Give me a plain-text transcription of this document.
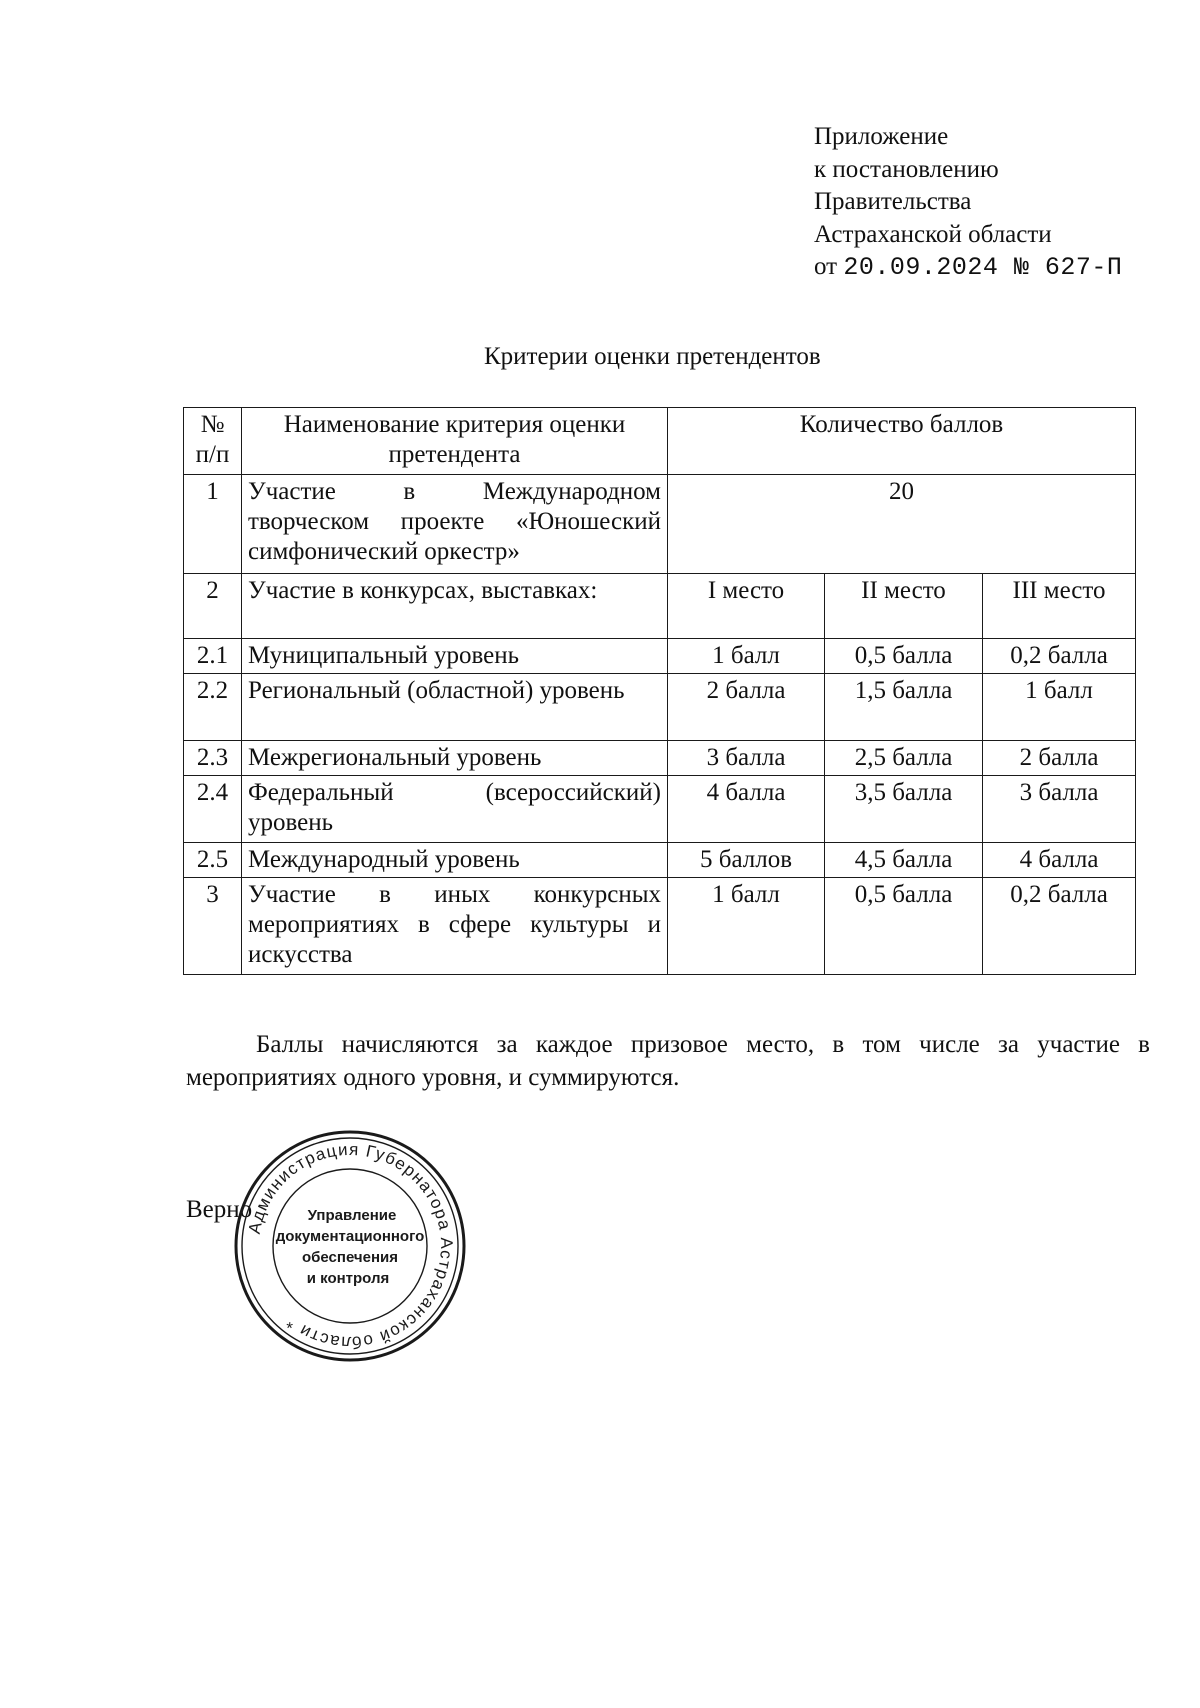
Приложение
к постановлению
Правительства
Астраханской области
от 20.09.2024 № 627-П
Критерии оценки претендентов
№ п/п	Наименование критерия оценки претендента	Количество баллов		
1	Участие в Международном творческом проекте «Юношеский симфонический оркестр»	20		
2	Участие в конкурсах, выставках:	I место	II место	III место
2.1	Муниципальный уровень	1 балл	0,5 балла	0,2 балла
2.2	Региональный (областной) уровень	2 балла	1,5 балла	1 балл
2.3	Межрегиональный уровень	3 балла	2,5 балла	2 балла
2.4	Федеральный (всероссийский) уровень	4 балла	3,5 балла	3 балла
2.5	Международный уровень	5 баллов	4,5 балла	4 балла
3	Участие в иных конкурсных мероприятиях в сфере культуры и искусства	1 балл	0,5 балла	0,2 балла
Баллы начисляются за каждое призовое место, в том числе за участие в мероприятиях одного уровня, и суммируются.
Верно
Администрация Губернатора Астраханской области *
Управление
документационного
обеспечения
и контроля
